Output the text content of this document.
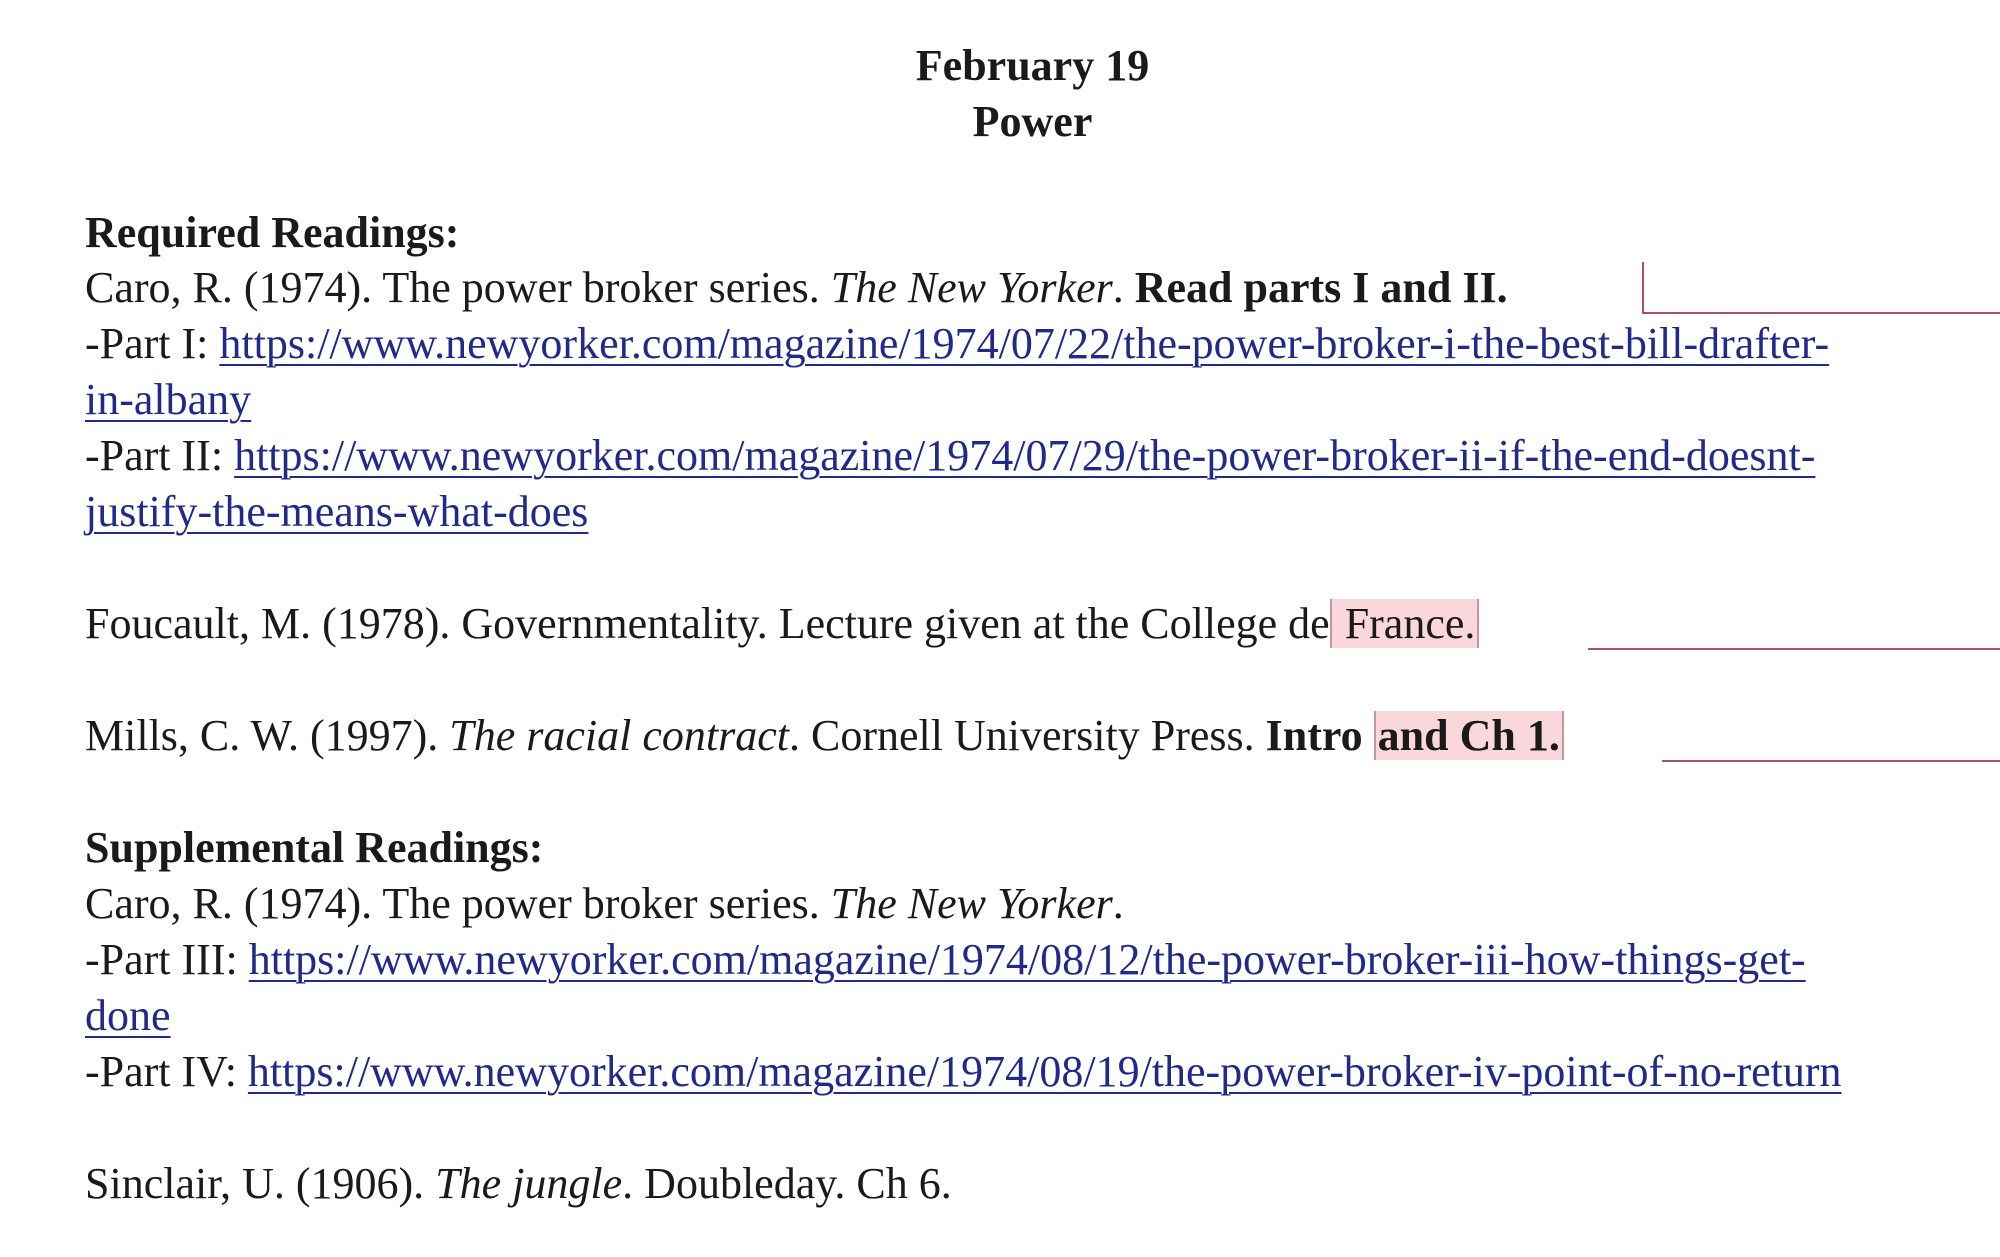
February 19
Power
Required Readings:
Caro, R. (1974). The power broker series. The New Yorker. Read parts I and II.
-Part I: https://www.newyorker.com/magazine/1974/07/22/the-power-broker-i-the-best-bill-drafter-
in-albany
-Part II: https://www.newyorker.com/magazine/1974/07/29/the-power-broker-ii-if-the-end-doesnt-
justify-the-means-what-does
Foucault, M. (1978). Governmentality. Lecture given at the College de France.
Mills, C. W. (1997). The racial contract. Cornell University Press. Intro and Ch 1.
Supplemental Readings:
Caro, R. (1974). The power broker series. The New Yorker.
-Part III: https://www.newyorker.com/magazine/1974/08/12/the-power-broker-iii-how-things-get-
done
-Part IV: https://www.newyorker.com/magazine/1974/08/19/the-power-broker-iv-point-of-no-return
Sinclair, U. (1906). The jungle. Doubleday. Ch 6.
